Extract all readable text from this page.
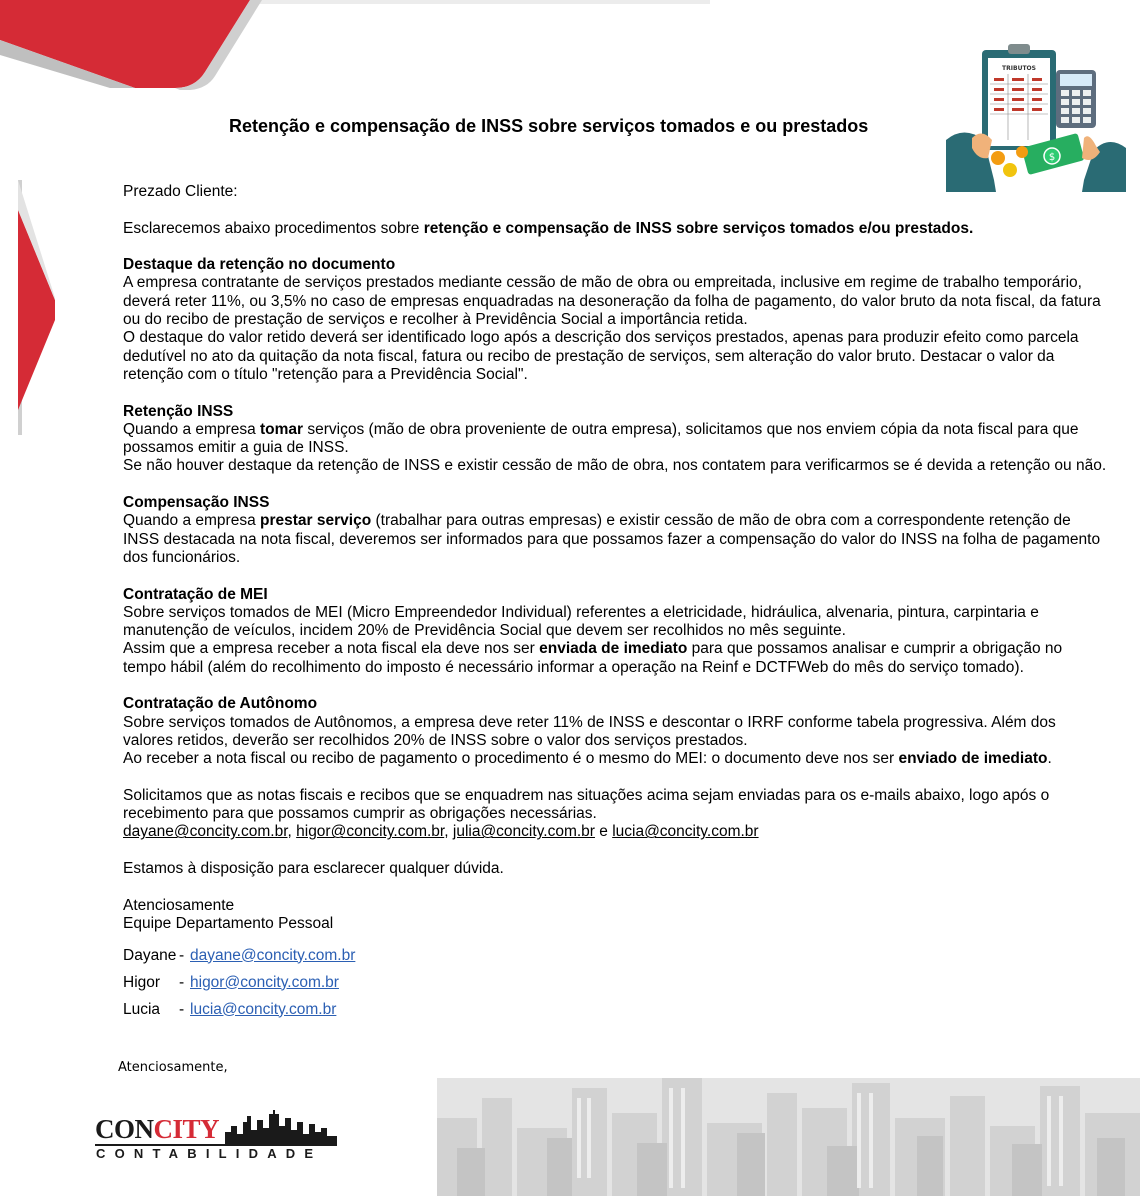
TRIBUTOS
$
Retenção e compensação de INSS sobre serviços tomados e ou prestados

Prezado Cliente:

Esclarecemos abaixo procedimentos sobre retenção e compensação de INSS sobre serviços tomados e/ou prestados.

Destaque da retenção no documento

A empresa contratante de serviços prestados mediante cessão de mão de obra ou empreitada, inclusive em regime de trabalho temporário,

deverá reter 11%, ou 3,5% no caso de empresas enquadradas na desoneração da folha de pagamento, do valor bruto da nota fiscal, da fatura

ou do recibo de prestação de serviços e recolher à Previdência Social a importância retida.

O destaque do valor retido deverá ser identificado logo após a descrição dos serviços prestados, apenas para produzir efeito como parcela

dedutível no ato da quitação da nota fiscal, fatura ou recibo de prestação de serviços, sem alteração do valor bruto. Destacar o valor da

retenção com o título "retenção para a Previdência Social".

Retenção INSS

Quando a empresa tomar serviços (mão de obra proveniente de outra empresa), solicitamos que nos enviem cópia da nota fiscal para que

possamos emitir a guia de INSS.

Se não houver destaque da retenção de INSS e existir cessão de mão de obra, nos contatem para verificarmos se é devida a retenção ou não.

Compensação INSS

Quando a empresa prestar serviço (trabalhar para outras empresas) e existir cessão de mão de obra com a correspondente retenção de

INSS destacada na nota fiscal, deveremos ser informados para que possamos fazer a compensação do valor do INSS na folha de pagamento

dos funcionários.

Contratação de MEI

Sobre serviços tomados de MEI (Micro Empreendedor Individual) referentes a eletricidade, hidráulica, alvenaria, pintura, carpintaria e

manutenção de veículos, incidem 20% de Previdência Social que devem ser recolhidos no mês seguinte.

Assim que a empresa receber a nota fiscal ela deve nos ser enviada de imediato para que possamos analisar e cumprir a obrigação no

tempo hábil (além do recolhimento do imposto é necessário informar a operação na Reinf e DCTFWeb do mês do serviço tomado).

Contratação de Autônomo

Sobre serviços tomados de Autônomos, a empresa deve reter 11% de INSS e descontar o IRRF conforme tabela progressiva. Além dos

valores retidos, deverão ser recolhidos 20% de INSS sobre o valor dos serviços prestados.

Ao receber a nota fiscal ou recibo de pagamento o procedimento é o mesmo do MEI: o documento deve nos ser enviado de imediato.

Solicitamos que as notas fiscais e recibos que se enquadrem nas situações acima sejam enviadas para os e-mails abaixo, logo após o

recebimento para que possamos cumprir as obrigações necessárias.

dayane@concity.com.br, higor@concity.com.br, julia@concity.com.br e lucia@concity.com.br

Estamos à disposição para esclarecer qualquer dúvida.

Atenciosamente

Equipe Departamento Pessoal

Dayane - dayane@concity.com.br
Higor	- higor@concity.com.br
Lucia	- lucia@concity.com.br
Atenciosamente,
CONCITY
CONTABILIDADE
